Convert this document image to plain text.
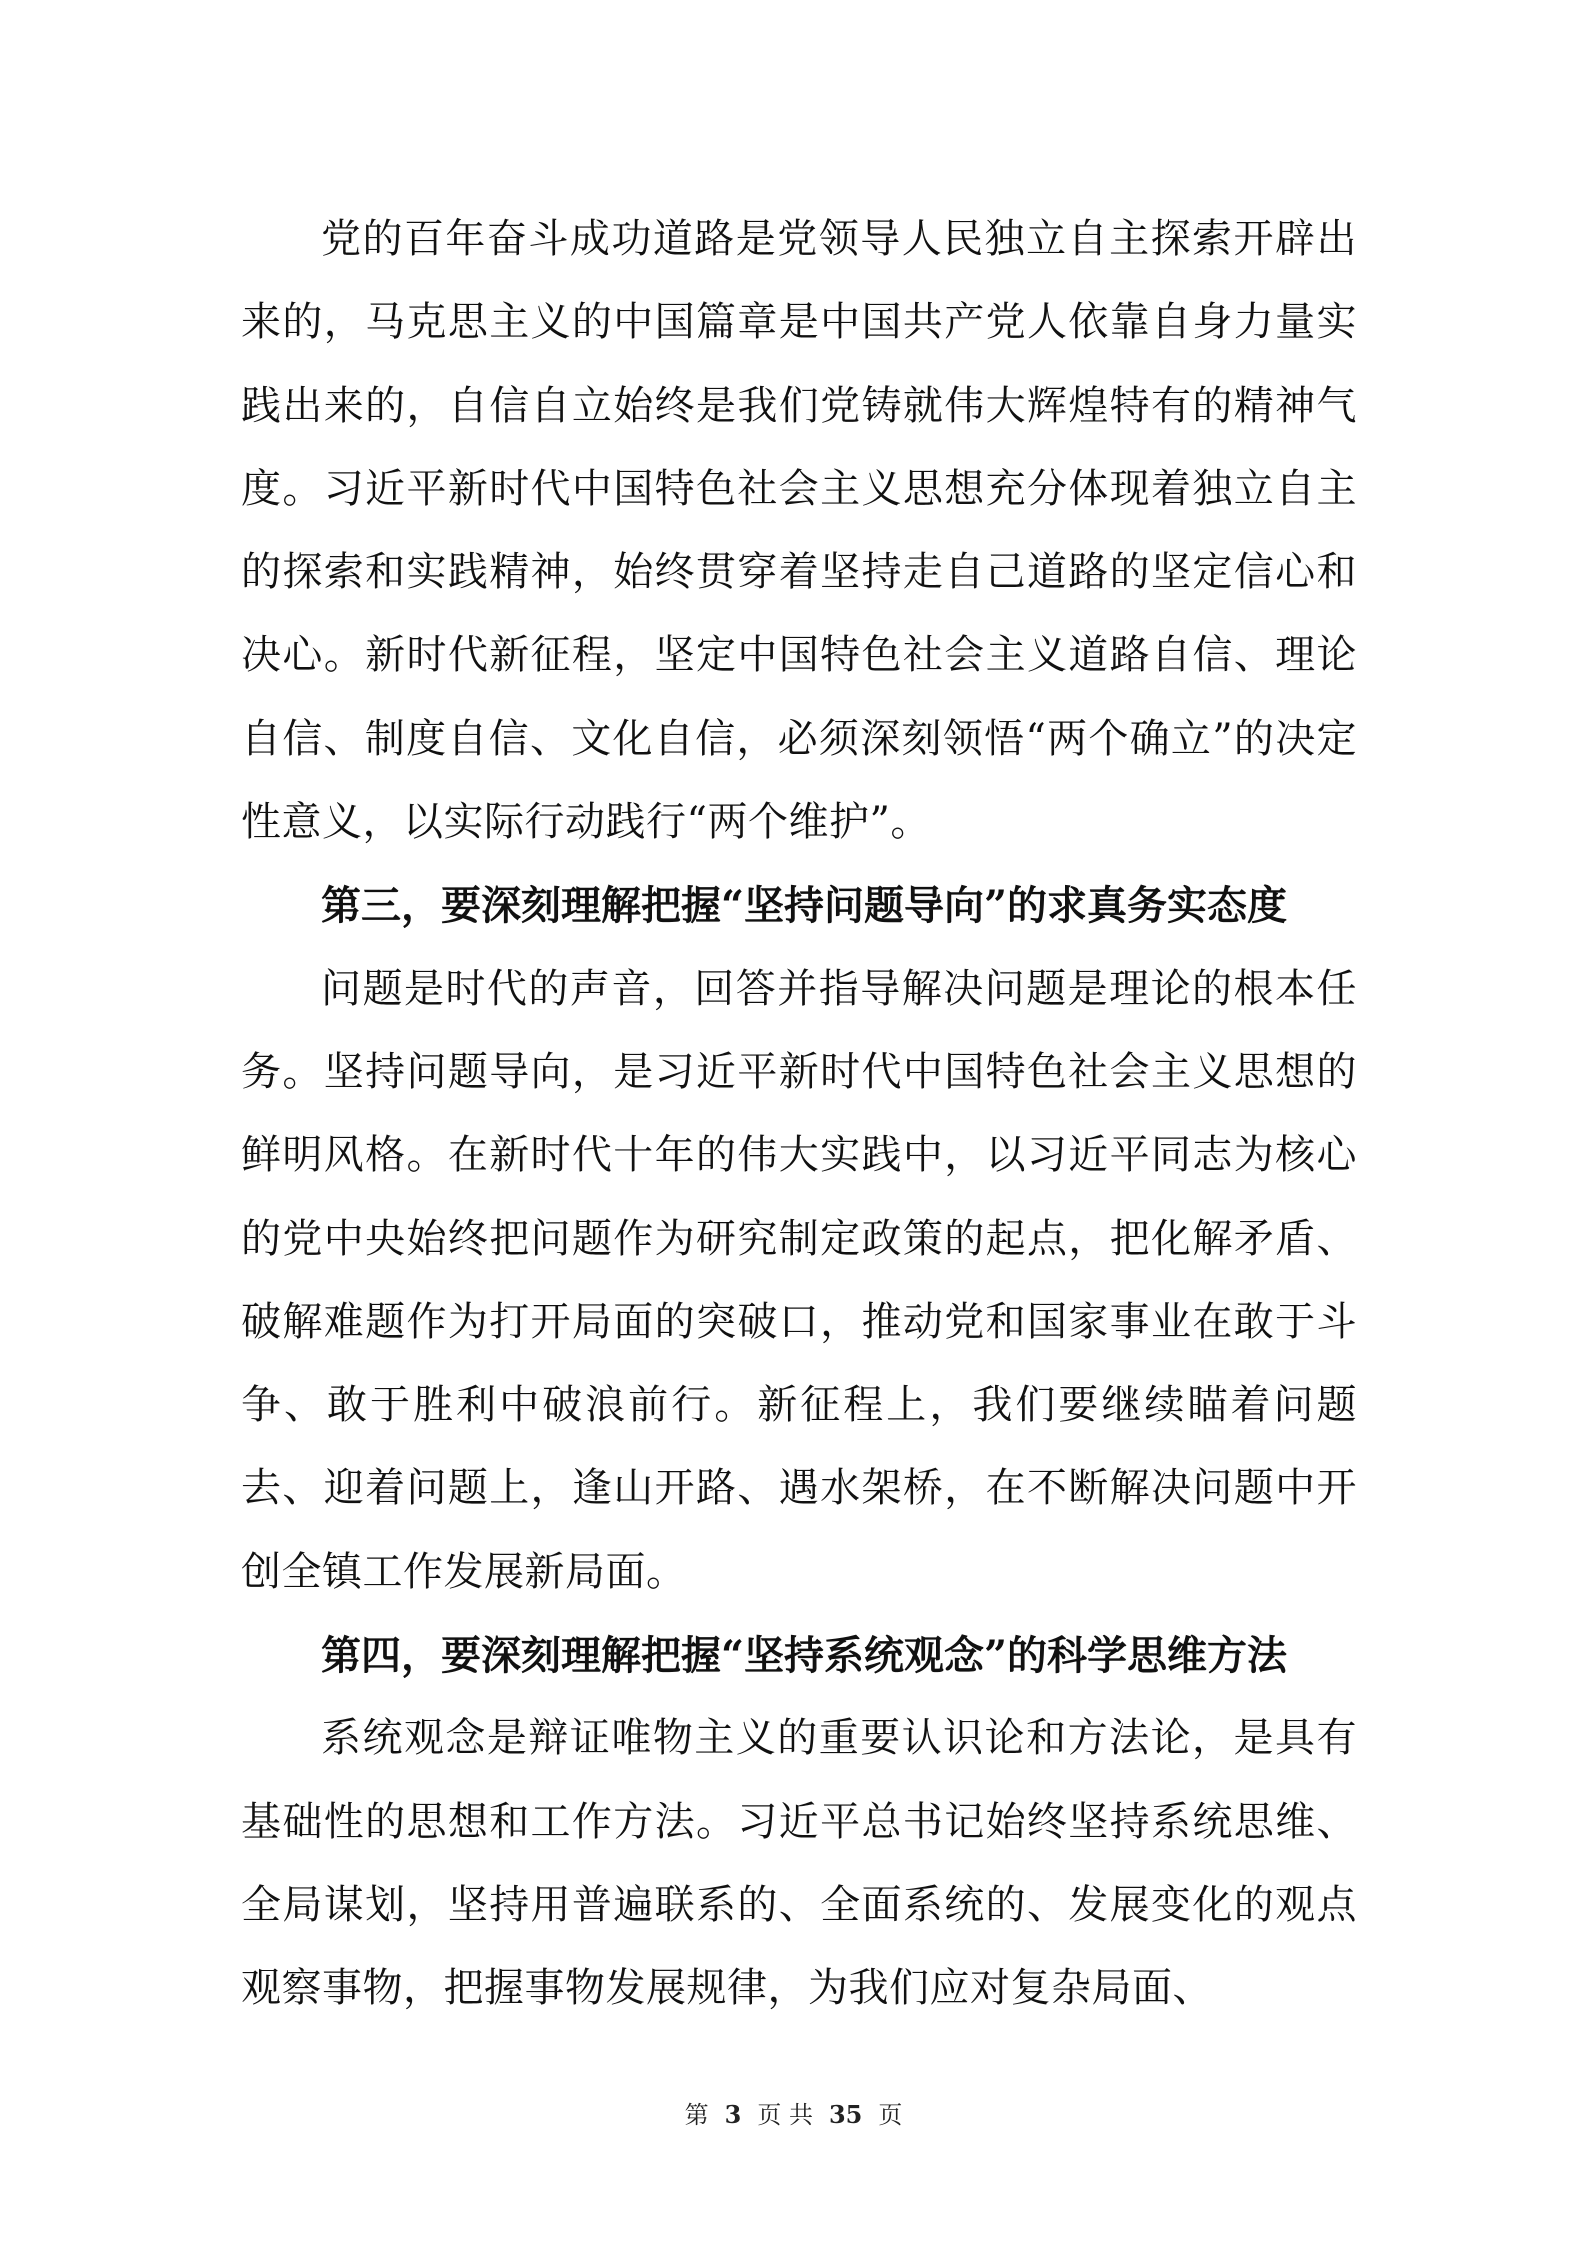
党的百年奋斗成功道路是党领导人民独立自主探索开辟出来的，马克思主义的中国篇章是中国共产党人依靠自身力量实践出来的，自信自立始终是我们党铸就伟大辉煌特有的精神气度。习近平新时代中国特色社会主义思想充分体现着独立自主的探索和实践精神，始终贯穿着坚持走自己道路的坚定信心和决心。新时代新征程，坚定中国特色社会主义道路自信、理论自信、制度自信、文化自信，必须深刻领悟“两个确立”的决定性意义，以实际行动践行“两个维护”。

第三，要深刻理解把握“坚持问题导向”的求真务实态度

问题是时代的声音，回答并指导解决问题是理论的根本任务。坚持问题导向，是习近平新时代中国特色社会主义思想的鲜明风格。在新时代十年的伟大实践中，以习近平同志为核心的党中央始终把问题作为研究制定政策的起点，把化解矛盾、破解难题作为打开局面的突破口，推动党和国家事业在敢于斗争、敢于胜利中破浪前行。新征程上，我们要继续瞄着问题去、迎着问题上，逢山开路、遇水架桥，在不断解决问题中开创全镇工作发展新局面。

第四，要深刻理解把握“坚持系统观念”的科学思维方法

系统观念是辩证唯物主义的重要认识论和方法论，是具有基础性的思想和工作方法。习近平总书记始终坚持系统思维、全局谋划，坚持用普遍联系的、全面系统的、发展变化的观点观察事物，把握事物发展规律，为我们应对复杂局面、

第 3 页 共 35 页
